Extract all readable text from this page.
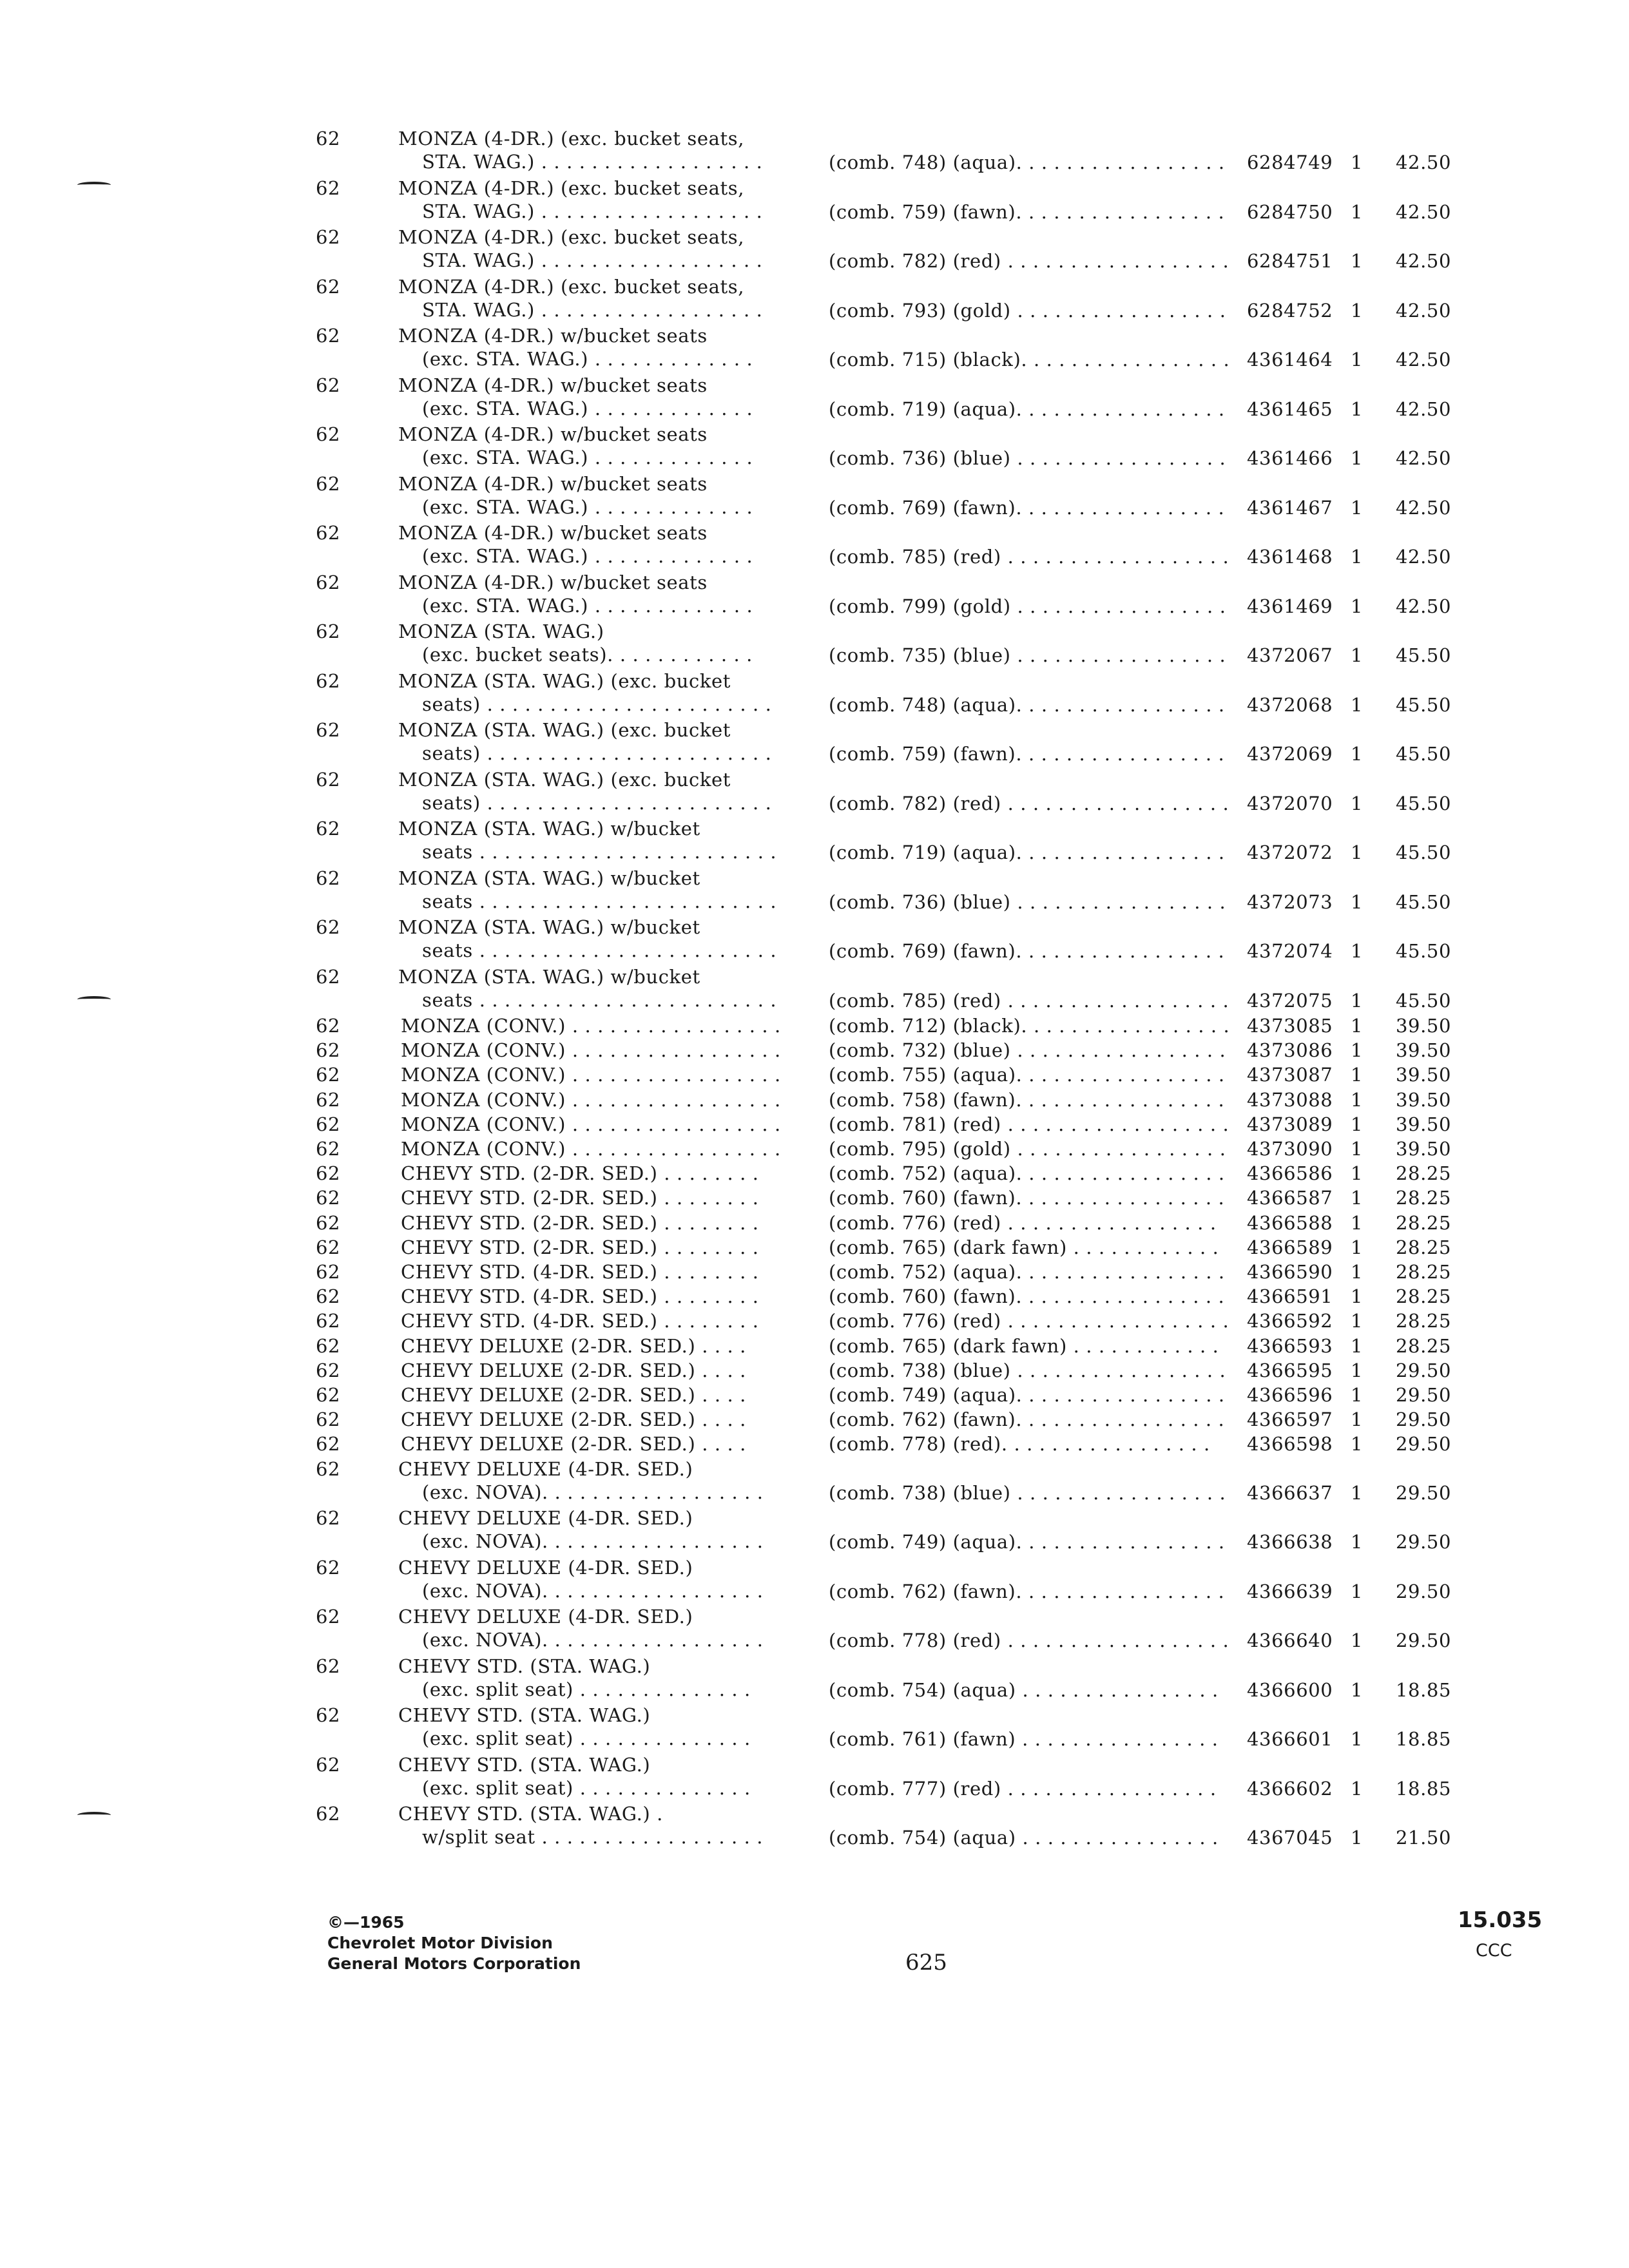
62	MONZA (4-DR.) (exc. bucket seats,
STA. WAG.) . . . . . . . . . . . . . . . . . .	(comb. 748) (aqua). . . . . . . . . . . . . . . . . 6284749 1 42.50
62	MONZA (4-DR.) (exc. bucket seats,
STA. WAG.) . . . . . . . . . . . . . . . . . .	(comb. 759) (fawn). . . . . . . . . . . . . . . . . 6284750 1 42.50
62	MONZA (4-DR.) (exc. bucket seats,
STA. WAG.) . . . . . . . . . . . . . . . . . .	(comb. 782) (red) . . . . . . . . . . . . . . . . . . 6284751 1 42.50
62	MONZA (4-DR.) (exc. bucket seats,
STA. WAG.) . . . . . . . . . . . . . . . . . .	(comb. 793) (gold) . . . . . . . . . . . . . . . . . 6284752 1 42.50
62	MONZA (4-DR.) w/bucket seats
(exc. STA. WAG.) . . . . . . . . . . . . .	(comb. 715) (black). . . . . . . . . . . . . . . . . 4361464 1 42.50
62	MONZA (4-DR.) w/bucket seats
(exc. STA. WAG.) . . . . . . . . . . . . .	(comb. 719) (aqua). . . . . . . . . . . . . . . . . 4361465 1 42.50
62	MONZA (4-DR.) w/bucket seats
(exc. STA. WAG.) . . . . . . . . . . . . .	(comb. 736) (blue) . . . . . . . . . . . . . . . . . 4361466 1 42.50
62	MONZA (4-DR.) w/bucket seats
(exc. STA. WAG.) . . . . . . . . . . . . .	(comb. 769) (fawn). . . . . . . . . . . . . . . . . 4361467 1 42.50
62	MONZA (4-DR.) w/bucket seats
(exc. STA. WAG.) . . . . . . . . . . . . .	(comb. 785) (red) . . . . . . . . . . . . . . . . . . 4361468 1 42.50
62	MONZA (4-DR.) w/bucket seats
(exc. STA. WAG.) . . . . . . . . . . . . .	(comb. 799) (gold) . . . . . . . . . . . . . . . . . 4361469 1 42.50
62	MONZA (STA. WAG.)
(exc. bucket seats). . . . . . . . . . . .	(comb. 735) (blue) . . . . . . . . . . . . . . . . . 4372067 1 45.50
62	MONZA (STA. WAG.) (exc. bucket
seats) . . . . . . . . . . . . . . . . . . . . . . .	(comb. 748) (aqua). . . . . . . . . . . . . . . . . 4372068 1 45.50
62	MONZA (STA. WAG.) (exc. bucket
seats) . . . . . . . . . . . . . . . . . . . . . . .	(comb. 759) (fawn). . . . . . . . . . . . . . . . . 4372069 1 45.50
62	MONZA (STA. WAG.) (exc. bucket
seats) . . . . . . . . . . . . . . . . . . . . . . .	(comb. 782) (red) . . . . . . . . . . . . . . . . . . 4372070 1 45.50
62	MONZA (STA. WAG.) w/bucket
seats . . . . . . . . . . . . . . . . . . . . . . . .	(comb. 719) (aqua). . . . . . . . . . . . . . . . . 4372072 1 45.50
62	MONZA (STA. WAG.) w/bucket
seats . . . . . . . . . . . . . . . . . . . . . . . .	(comb. 736) (blue) . . . . . . . . . . . . . . . . . 4372073 1 45.50
62	MONZA (STA. WAG.) w/bucket
seats . . . . . . . . . . . . . . . . . . . . . . . .	(comb. 769) (fawn). . . . . . . . . . . . . . . . . 4372074 1 45.50
62	MONZA (STA. WAG.) w/bucket
seats . . . . . . . . . . . . . . . . . . . . . . . .	(comb. 785) (red) . . . . . . . . . . . . . . . . . . 4372075 1 45.50
62	MONZA (CONV.) . . . . . . . . . . . . . . . . .	(comb. 712) (black). . . . . . . . . . . . . . . . . 4373085 1 39.50
62	MONZA (CONV.) . . . . . . . . . . . . . . . . .	(comb. 732) (blue) . . . . . . . . . . . . . . . . . 4373086 1 39.50
62	MONZA (CONV.) . . . . . . . . . . . . . . . . .	(comb. 755) (aqua). . . . . . . . . . . . . . . . . 4373087 1 39.50
62	MONZA (CONV.) . . . . . . . . . . . . . . . . .	(comb. 758) (fawn). . . . . . . . . . . . . . . . . 4373088 1 39.50
62	MONZA (CONV.) . . . . . . . . . . . . . . . . .	(comb. 781) (red) . . . . . . . . . . . . . . . . . . 4373089 1 39.50
62	MONZA (CONV.) . . . . . . . . . . . . . . . . .	(comb. 795) (gold) . . . . . . . . . . . . . . . . . 4373090 1 39.50
62	CHEVY STD. (2-DR. SED.) . . . . . . . .	(comb. 752) (aqua). . . . . . . . . . . . . . . . . 4366586 1 28.25
62	CHEVY STD. (2-DR. SED.) . . . . . . . .	(comb. 760) (fawn). . . . . . . . . . . . . . . . . 4366587 1 28.25
62	CHEVY STD. (2-DR. SED.) . . . . . . . .	(comb. 776) (red) . . . . . . . . . . . . . . . . . 4366588 1 28.25
62	CHEVY STD. (2-DR. SED.) . . . . . . . .	(comb. 765) (dark fawn) . . . . . . . . . . . . 4366589 1 28.25
62	CHEVY STD. (4-DR. SED.) . . . . . . . .	(comb. 752) (aqua). . . . . . . . . . . . . . . . . 4366590 1 28.25
62	CHEVY STD. (4-DR. SED.) . . . . . . . .	(comb. 760) (fawn). . . . . . . . . . . . . . . . . 4366591 1 28.25
62	CHEVY STD. (4-DR. SED.) . . . . . . . .	(comb. 776) (red) . . . . . . . . . . . . . . . . . . 4366592 1 28.25
62	CHEVY DELUXE (2-DR. SED.) . . . .	(comb. 765) (dark fawn) . . . . . . . . . . . . 4366593 1 28.25
62	CHEVY DELUXE (2-DR. SED.) . . . .	(comb. 738) (blue) . . . . . . . . . . . . . . . . . 4366595 1 29.50
62	CHEVY DELUXE (2-DR. SED.) . . . .	(comb. 749) (aqua). . . . . . . . . . . . . . . . . 4366596 1 29.50
62	CHEVY DELUXE (2-DR. SED.) . . . .	(comb. 762) (fawn). . . . . . . . . . . . . . . . . 4366597 1 29.50
62	CHEVY DELUXE (2-DR. SED.) . . . .	(comb. 778) (red). . . . . . . . . . . . . . . . . 4366598 1 29.50
62	CHEVY DELUXE (4-DR. SED.)
(exc. NOVA). . . . . . . . . . . . . . . . . .	(comb. 738) (blue) . . . . . . . . . . . . . . . . . 4366637 1 29.50
62	CHEVY DELUXE (4-DR. SED.)
(exc. NOVA). . . . . . . . . . . . . . . . . .	(comb. 749) (aqua). . . . . . . . . . . . . . . . . 4366638 1 29.50
62	CHEVY DELUXE (4-DR. SED.)
(exc. NOVA). . . . . . . . . . . . . . . . . .	(comb. 762) (fawn). . . . . . . . . . . . . . . . . 4366639 1 29.50
62	CHEVY DELUXE (4-DR. SED.)
(exc. NOVA). . . . . . . . . . . . . . . . . .	(comb. 778) (red) . . . . . . . . . . . . . . . . . . 4366640 1 29.50
62	CHEVY STD. (STA. WAG.)
(exc. split seat) . . . . . . . . . . . . . .	(comb. 754) (aqua) . . . . . . . . . . . . . . . . 4366600 1 18.85
62	CHEVY STD. (STA. WAG.)
(exc. split seat) . . . . . . . . . . . . . .	(comb. 761) (fawn) . . . . . . . . . . . . . . . . 4366601 1 18.85
62	CHEVY STD. (STA. WAG.)
(exc. split seat) . . . . . . . . . . . . . .	(comb. 777) (red) . . . . . . . . . . . . . . . . . 4366602 1 18.85
62	CHEVY STD. (STA. WAG.) .
w/split seat . . . . . . . . . . . . . . . . . .	(comb. 754) (aqua) . . . . . . . . . . . . . . . . 4367045 1 21.50
©—1965
Chevrolet Motor Division
General Motors Corporation	625
15.035
CCC
